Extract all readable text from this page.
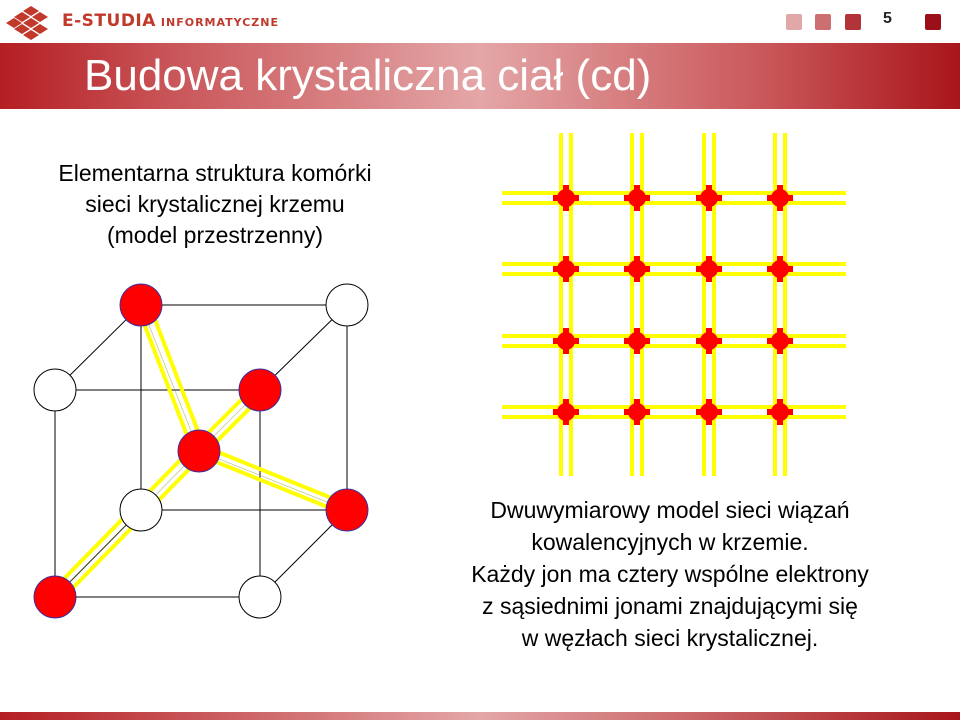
E-STUDIA INFORMATYCZNE	5
Budowa krystaliczna ciał (cd)
Elementarna struktura komórki
sieci krystalicznej krzemu
(model przestrzenny)
Dwuwymiarowy model sieci wiązań
kowalencyjnych w krzemie.
Każdy jon ma cztery wspólne elektrony
z sąsiednimi jonami znajdującymi się
w węzłach sieci krystalicznej.
